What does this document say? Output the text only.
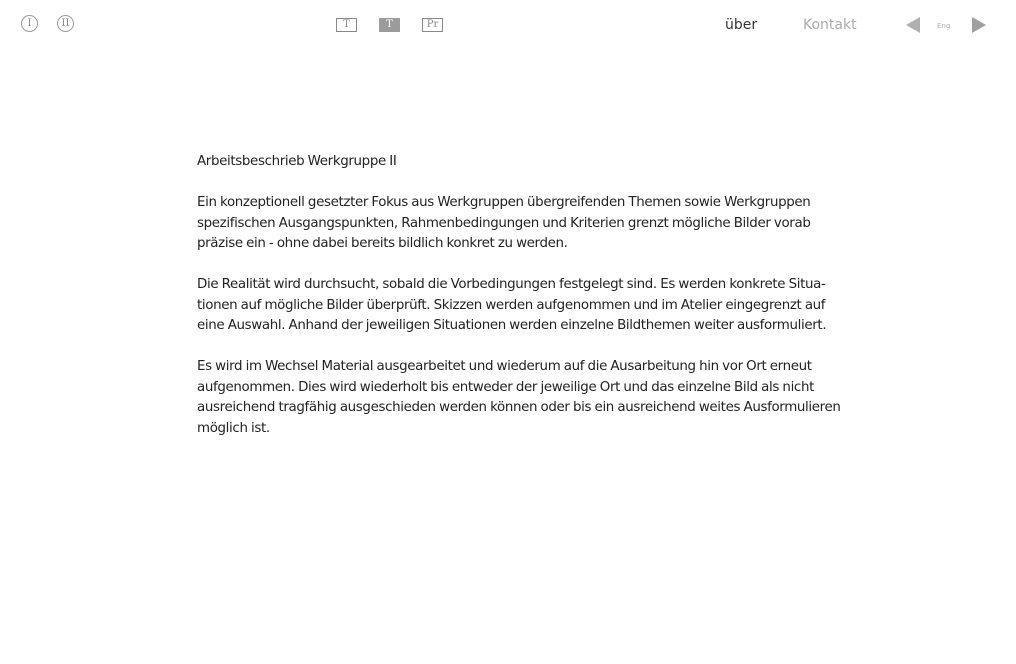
I	II	T	T	Pr	über	Kontakt	Eng
Arbeitsbeschrieb Werkgruppe II

Ein konzeptionell gesetzter Fokus aus Werkgruppen übergreifenden Themen sowie Werkgruppen
spezifischen Ausgangspunkten, Rahmenbedingungen und Kriterien grenzt mögliche Bilder vorab
präzise ein - ohne dabei bereits bildlich konkret zu werden.

Die Realität wird durchsucht, sobald die Vorbedingungen festgelegt sind. Es werden konkrete Situa-
tionen auf mögliche Bilder überprüft. Skizzen werden aufgenommen und im Atelier eingegrenzt auf
eine Auswahl. Anhand der jeweiligen Situationen werden einzelne Bildthemen weiter ausformuliert.

Es wird im Wechsel Material ausgearbeitet und wiederum auf die Ausarbeitung hin vor Ort erneut
aufgenommen. Dies wird wiederholt bis entweder der jeweilige Ort und das einzelne Bild als nicht
ausreichend tragfähig ausgeschieden werden können oder bis ein ausreichend weites Ausformulieren
möglich ist.
